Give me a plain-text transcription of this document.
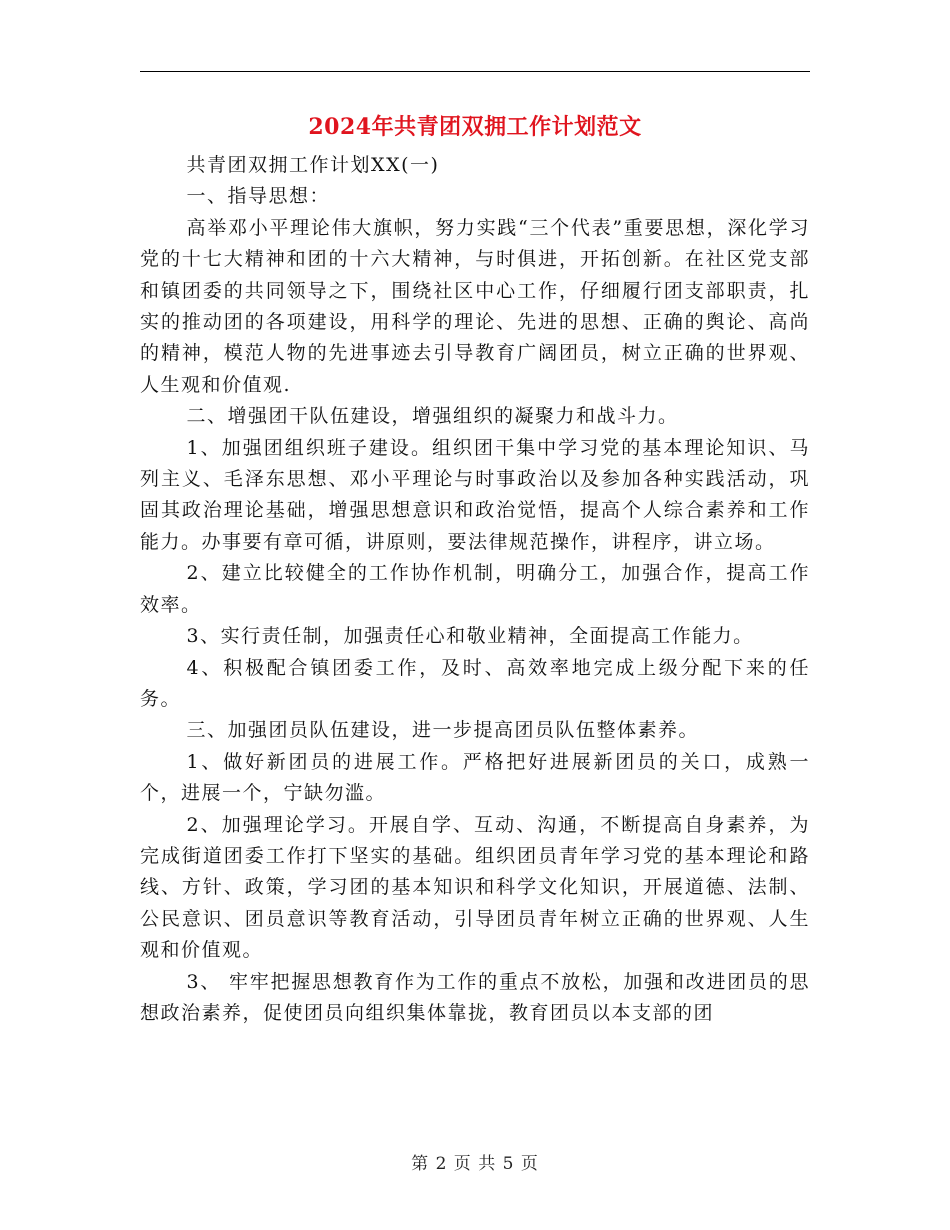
2024年共青团双拥工作计划范文

共青团双拥工作计划XX(一)

一、指导思想：

高举邓小平理论伟大旗帜，努力实践“三个代表”重要思想，深化学习党的十七大精神和团的十六大精神，与时俱进，开拓创新。在社区党支部和镇团委的共同领导之下，围绕社区中心工作，仔细履行团支部职责，扎实的推动团的各项建设，用科学的理论、先进的思想、正确的舆论、高尚的精神，模范人物的先进事迹去引导教育广阔团员，树立正确的世界观、人生观和价值观.

二、增强团干队伍建设，增强组织的凝聚力和战斗力。

1、加强团组织班子建设。组织团干集中学习党的基本理论知识、马列主义、毛泽东思想、邓小平理论与时事政治以及参加各种实践活动，巩固其政治理论基础，增强思想意识和政治觉悟，提高个人综合素养和工作能力。办事要有章可循，讲原则，要法律规范操作，讲程序，讲立场。

2、建立比较健全的工作协作机制，明确分工，加强合作，提高工作效率。

3、实行责任制，加强责任心和敬业精神，全面提高工作能力。

4、积极配合镇团委工作，及时、高效率地完成上级分配下来的任务。

三、加强团员队伍建设，进一步提高团员队伍整体素养。

1、做好新团员的进展工作。严格把好进展新团员的关口，成熟一个，进展一个，宁缺勿滥。

2、加强理论学习。开展自学、互动、沟通，不断提高自身素养，为完成街道团委工作打下坚实的基础。组织团员青年学习党的基本理论和路线、方针、政策，学习团的基本知识和科学文化知识，开展道德、法制、公民意识、团员意识等教育活动，引导团员青年树立正确的世界观、人生观和价值观。

3、 牢牢把握思想教育作为工作的重点不放松，加强和改进团员的思想政治素养，促使团员向组织集体靠拢，教育团员以本支部的团

第 2 页 共 5 页
